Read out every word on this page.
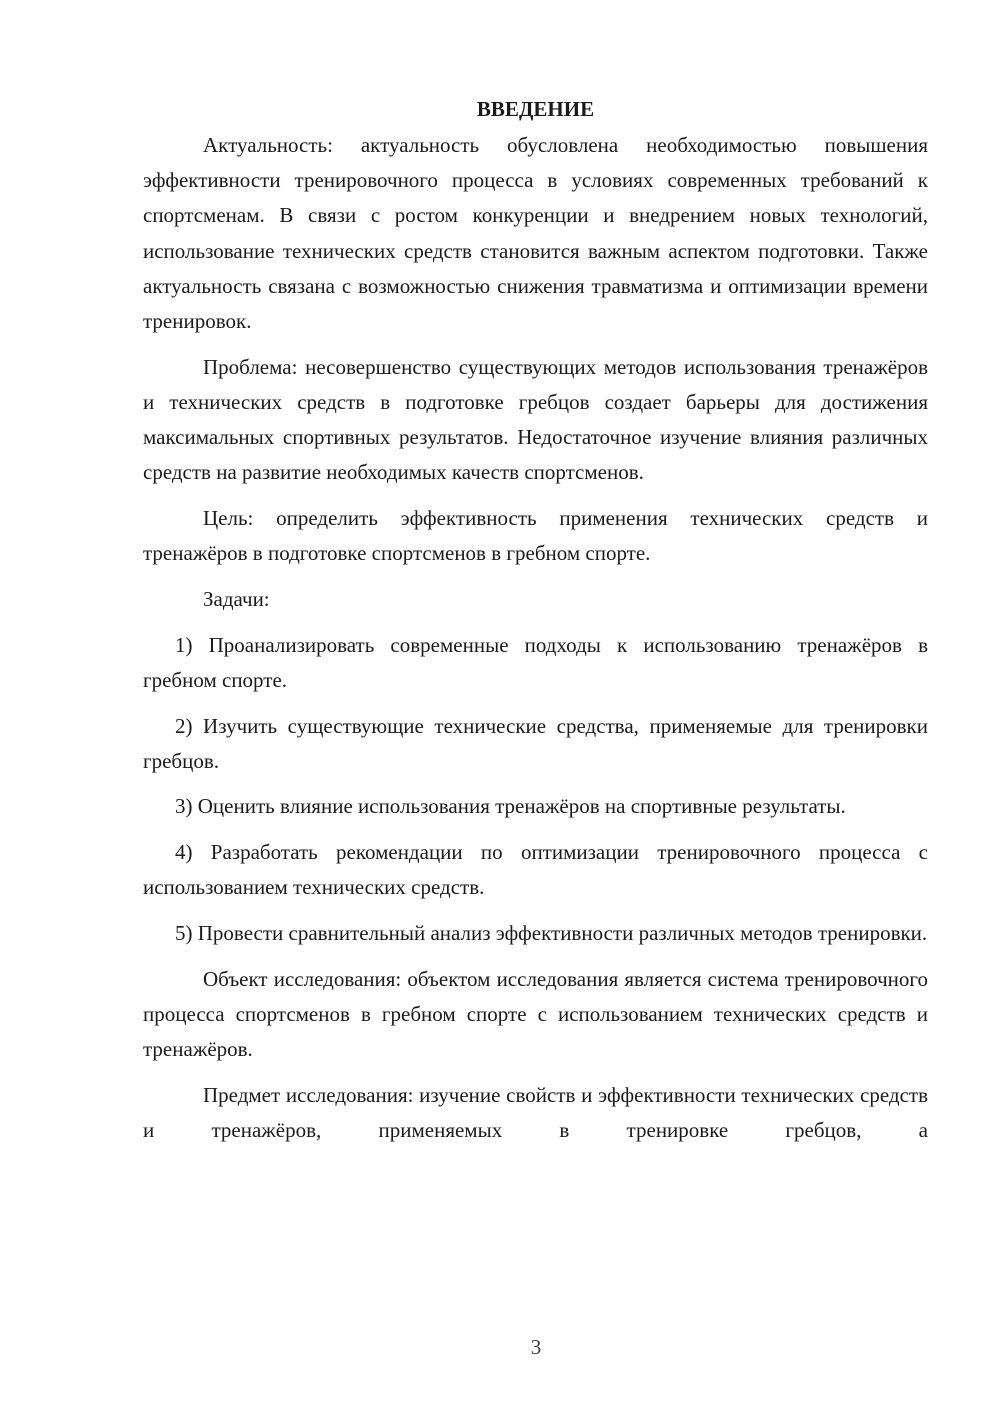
ВВЕДЕНИЕ

Актуальность: актуальность обусловлена необходимостью повышения эффективности тренировочного процесса в условиях современных требований к спортсменам. В связи с ростом конкуренции и внедрением новых технологий, использование технических средств становится важным аспектом подготовки. Также актуальность связана с возможностью снижения травматизма и оптимизации времени тренировок.

Проблема: несовершенство существующих методов использования тренажёров и технических средств в подготовке гребцов создает барьеры для достижения максимальных спортивных результатов. Недостаточное изучение влияния различных средств на развитие необходимых качеств спортсменов.

Цель: определить эффективность применения технических средств и тренажёров в подготовке спортсменов в гребном спорте.

Задачи:

1) Проанализировать современные подходы к использованию тренажёров в гребном спорте.

2) Изучить существующие технические средства, применяемые для тренировки гребцов.

3) Оценить влияние использования тренажёров на спортивные результаты.

4) Разработать рекомендации по оптимизации тренировочного процесса с использованием технических средств.

5) Провести сравнительный анализ эффективности различных методов тренировки.

Объект исследования: объектом исследования является система тренировочного процесса спортсменов в гребном спорте с использованием технических средств и тренажёров.

Предмет исследования: изучение свойств и эффективности технических средств и тренажёров, применяемых в тренировке гребцов, а

3
